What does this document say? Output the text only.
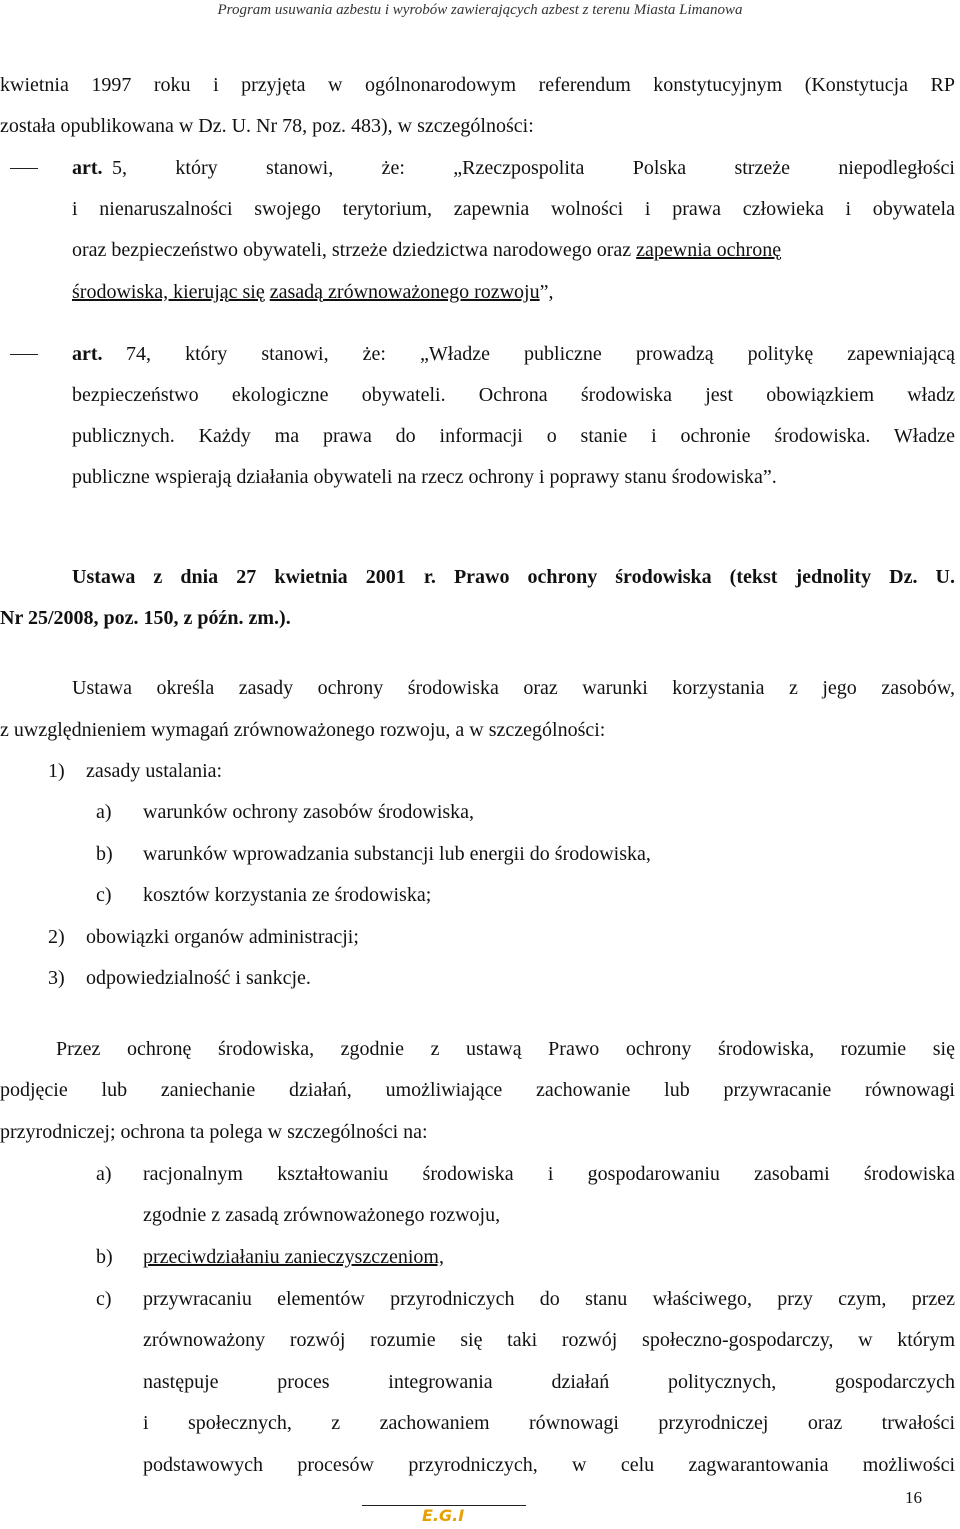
Program usuwania azbestu i wyrobów zawierających azbest z terenu Miasta Limanowa
kwietnia 1997 roku i przyjęta w ogólnonarodowym referendum konstytucyjnym (Konstytucja RP
została opublikowana w Dz. U. Nr 78, poz. 483), w szczególności:
art. 5, który stanowi, że: „Rzeczpospolita Polska strzeże niepodległości
i nienaruszalności swojego terytorium, zapewnia wolności i prawa człowieka i obywatela
oraz bezpieczeństwo obywateli, strzeże dziedzictwa narodowego oraz zapewnia ochronę
środowiska, kierując się zasadą zrównoważonego rozwoju”,
art. 74, który stanowi, że: „Władze publiczne prowadzą politykę zapewniającą
bezpieczeństwo ekologiczne obywateli. Ochrona środowiska jest obowiązkiem władz
publicznych. Każdy ma prawa do informacji o stanie i ochronie środowiska. Władze
publiczne wspierają działania obywateli na rzecz ochrony i poprawy stanu środowiska”.
Ustawa z dnia 27 kwietnia 2001 r. Prawo ochrony środowiska (tekst jednolity Dz. U.
Nr 25/2008, poz. 150, z późn. zm.).
Ustawa określa zasady ochrony środowiska oraz warunki korzystania z jego zasobów,
z uwzględnieniem wymagań zrównoważonego rozwoju, a w szczególności:
1) zasady ustalania:
a) warunków ochrony zasobów środowiska,
b) warunków wprowadzania substancji lub energii do środowiska,
c) kosztów korzystania ze środowiska;
2) obowiązki organów administracji;
3) odpowiedzialność i sankcje.
Przez ochronę środowiska, zgodnie z ustawą Prawo ochrony środowiska, rozumie się
podjęcie lub zaniechanie działań, umożliwiające zachowanie lub przywracanie równowagi
przyrodniczej; ochrona ta polega w szczególności na:
a) racjonalnym kształtowaniu środowiska i gospodarowaniu zasobami środowiska
zgodnie z zasadą zrównoważonego rozwoju,
b) przeciwdziałaniu zanieczyszczeniom,
c) przywracaniu elementów przyrodniczych do stanu właściwego, przy czym, przez
zrównoważony rozwój rozumie się taki rozwój społeczno-gospodarczy, w którym
następuje proces integrowania działań politycznych, gospodarczych
i społecznych, z zachowaniem równowagi przyrodniczej oraz trwałości
podstawowych procesów przyrodniczych, w celu zagwarantowania możliwości
16
E.G.I
